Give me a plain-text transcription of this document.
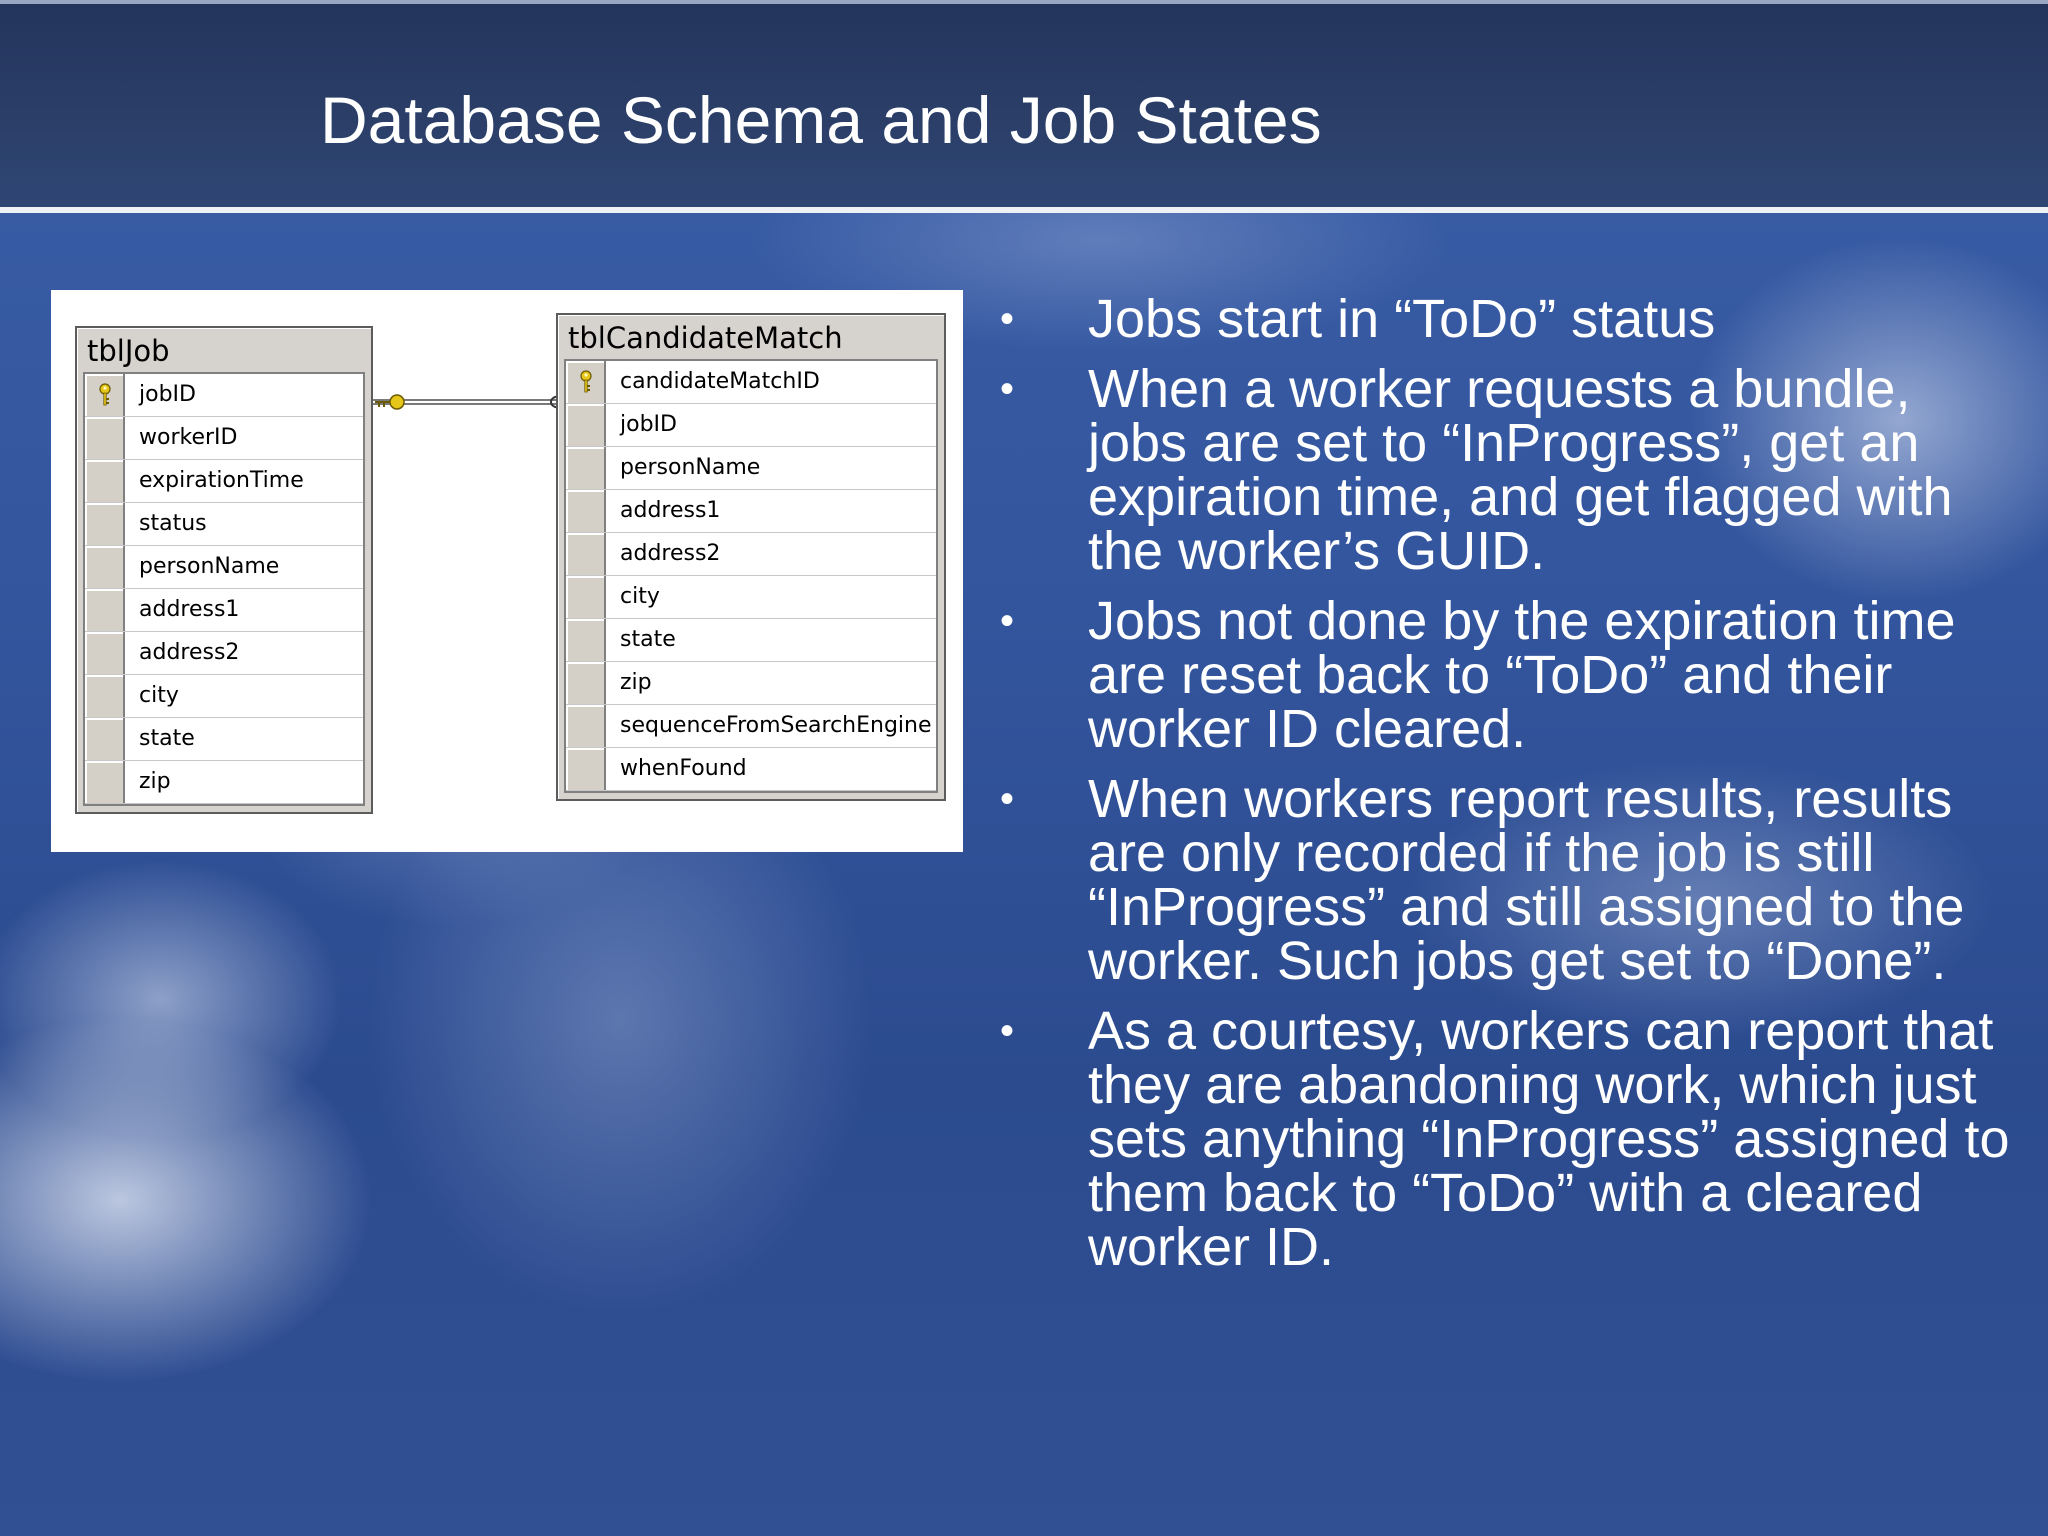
Database Schema and Job States
tblJob
jobID
workerID
expirationTime
status
personName
address1
address2
city
state
zip
tblCandidateMatch
candidateMatchID
jobID
personName
address1
address2
city
state
zip
sequenceFromSearchEngine
whenFound
•	Jobs start in “ToDo” status
•	When a worker requests a bundle, jobs are set to “InProgress”, get an expiration time, and get flagged with the worker’s GUID.
•	Jobs not done by the expiration time are reset back to “ToDo” and their worker ID cleared.
•	When workers report results, results are only recorded if the job is still “InProgress” and still assigned to the worker. Such jobs get set to “Done”.
•	As a courtesy, workers can report that they are abandoning work, which just sets anything “InProgress” assigned to them back to “ToDo” with a cleared worker ID.
